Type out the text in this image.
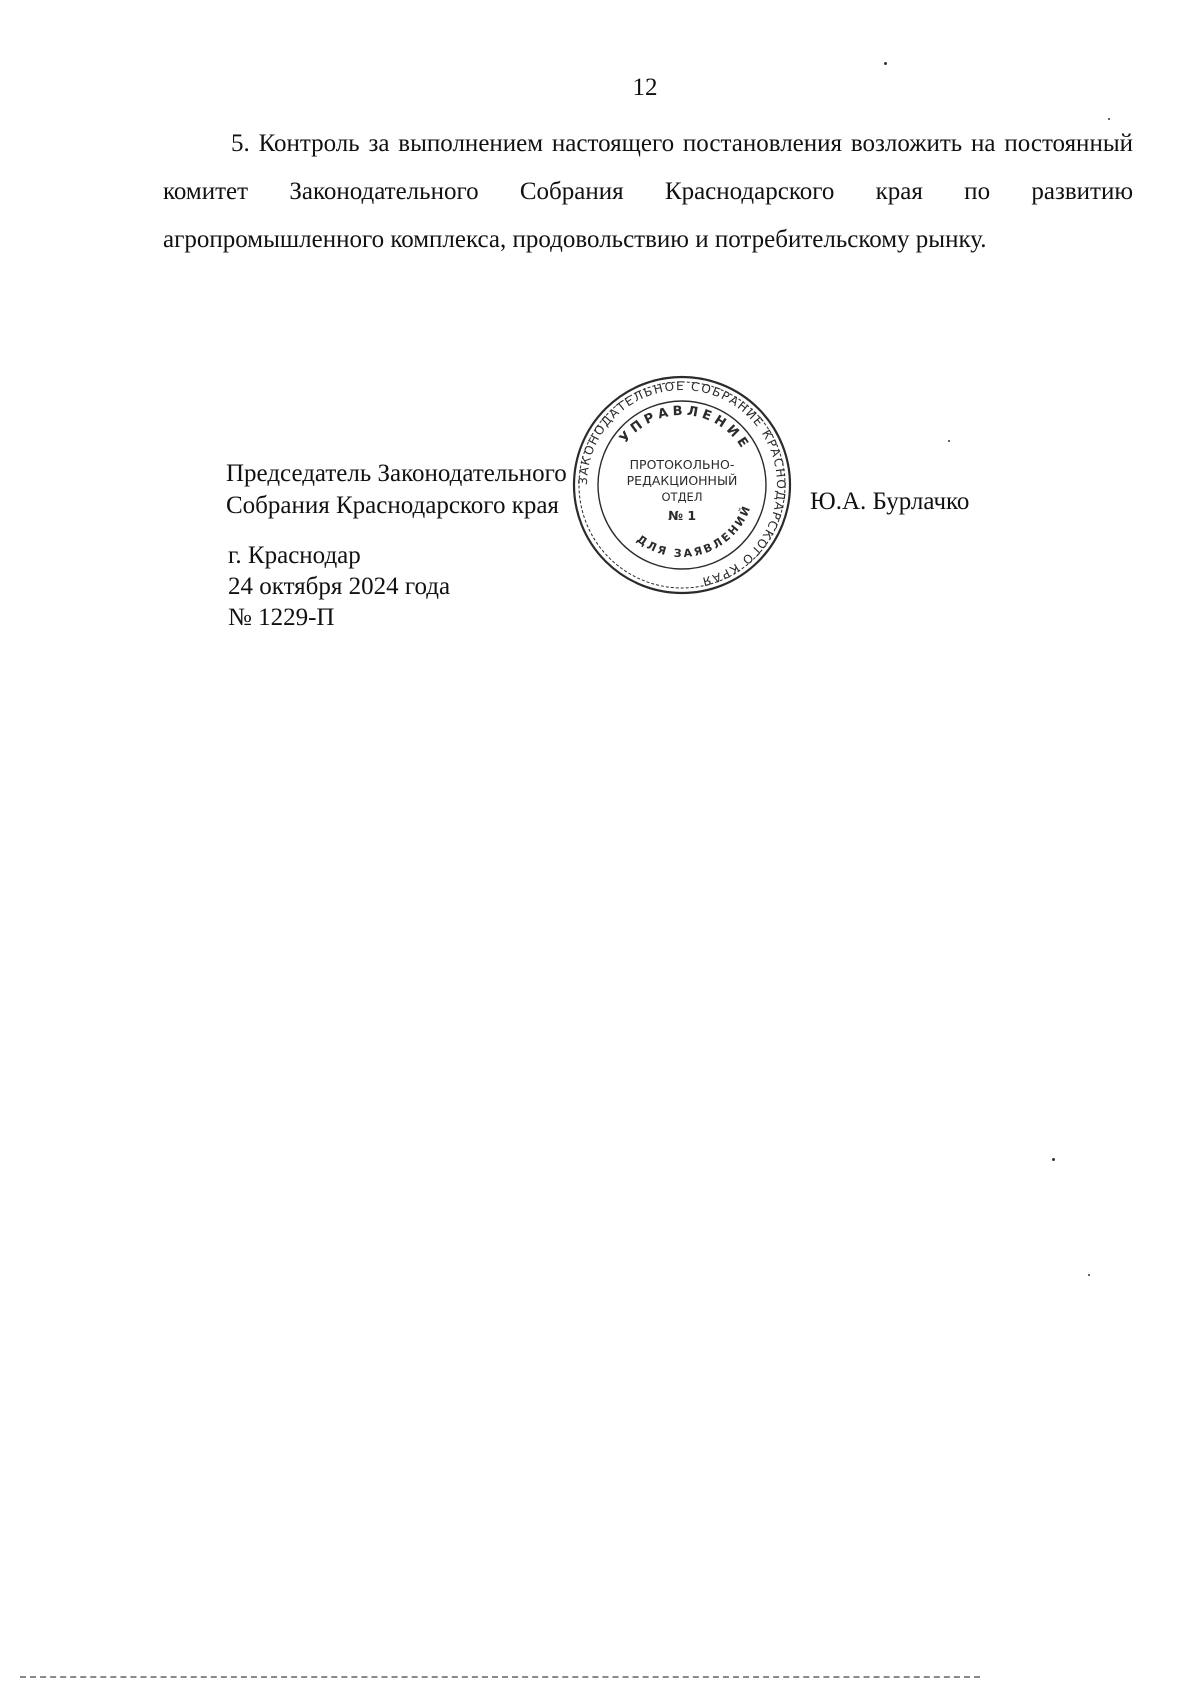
12

5. Контроль за выполнением настоящего постановления возложить на постоянный комитет Законодательного Собрания Краснодарского края по развитию агропромышленного комплекса, продовольствию и потребительскому рынку.

Председатель Законодательного
Собрания Краснодарского края	Ю.А. Бурлачко
г. Краснодар
24 октября 2024 года
№ 1229-П
ЗАКОНОДАТЕЛЬНОЕ СОБРАНИЕ КРАСНОДАРСКОГО КРАЯ
УПРАВЛЕНИЕ
ПРОТОКОЛЬНО-
РЕДАКЦИОННЫЙ
ОТДЕЛ
№ 1
ДЛЯ ЗАЯВЛЕНИЙ
